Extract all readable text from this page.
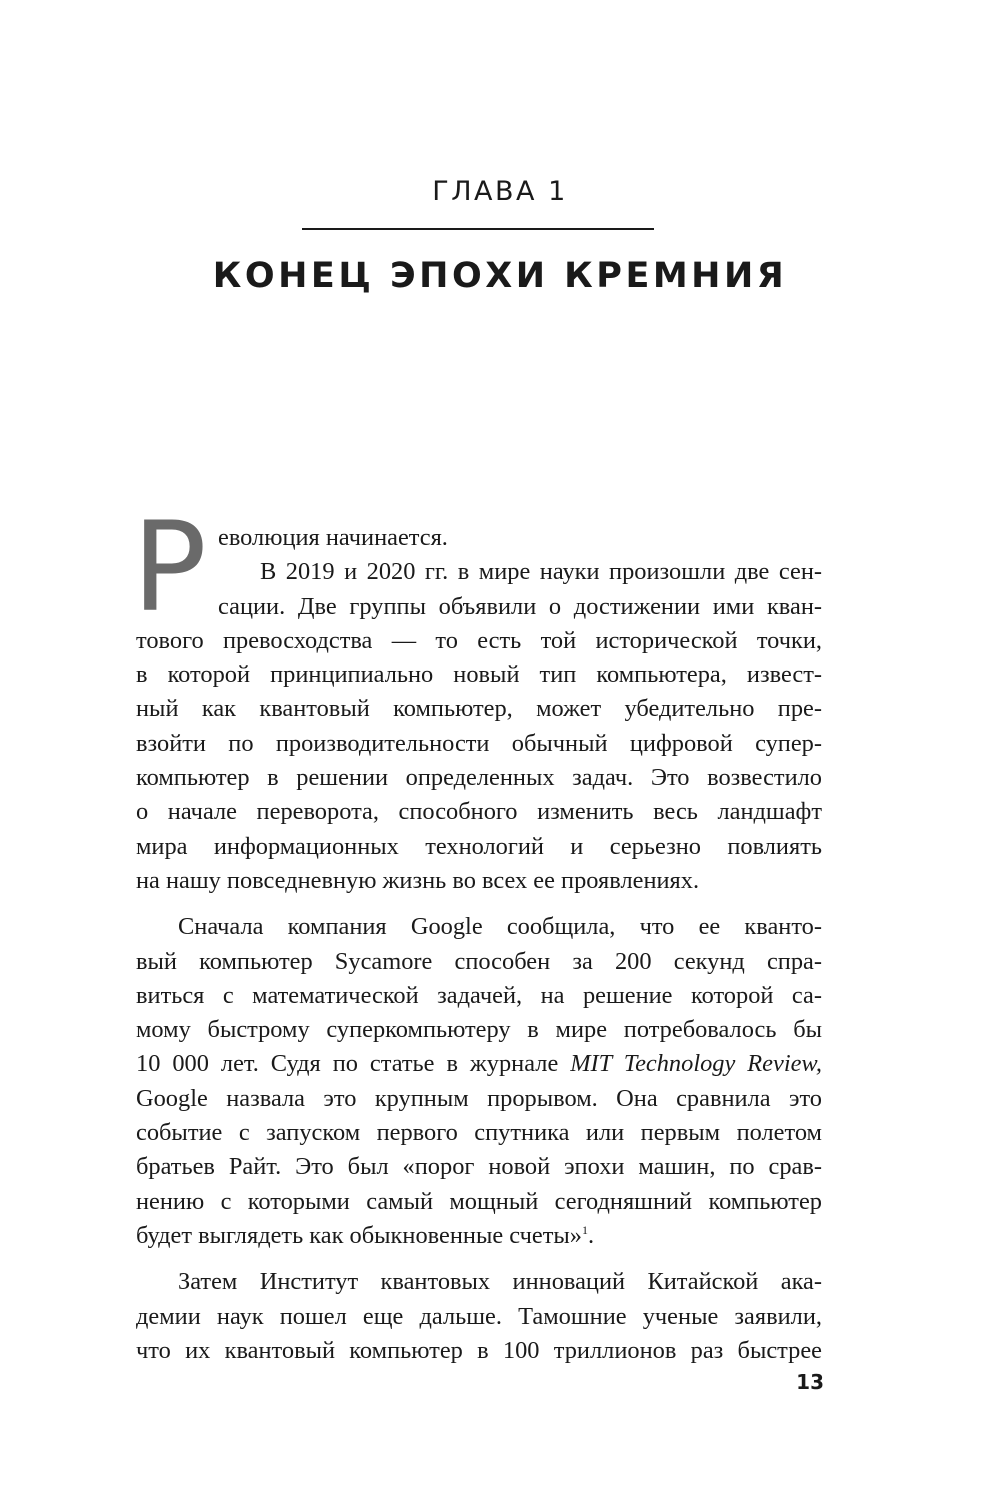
ГЛАВА 1
КОНЕЦ ЭПОХИ КРЕМНИЯ
Р еволюция начинается.

В 2019 и 2020 гг. в мире науки произошли две сен-
сации. Две группы объявили о достижении ими кван-
тового превосходства — то есть той исторической точки,
в которой принципиально новый тип компьютера, извест-
ный как квантовый компьютер, может убедительно пре-
взойти по производительности обычный цифровой супер-
компьютер в решении определенных задач. Это возвестило
о начале переворота, способного изменить весь ландшафт
мира информационных технологий и серьезно повлиять
на нашу повседневную жизнь во всех ее проявлениях.

Сначала компания Google сообщила, что ее кванто-
вый компьютер Sycamore способен за 200 секунд спра-
виться с математической задачей, на решение которой са-
мому быстрому суперкомпьютеру в мире потребовалось бы
10 000 лет. Судя по статье в журнале MIT Technology Review,
Google назвала это крупным прорывом. Она сравнила это
событие с запуском первого спутника или первым полетом
братьев Райт. Это был «порог новой эпохи машин, по срав-
нению с которыми самый мощный сегодняшний компьютер
будет выглядеть как обыкновенные счеты»$^1$.

Затем Институт квантовых инноваций Китайской ака-
демии наук пошел еще дальше. Тамошние ученые заявили,
что их квантовый компьютер в 100 триллионов раз быстрее

13
